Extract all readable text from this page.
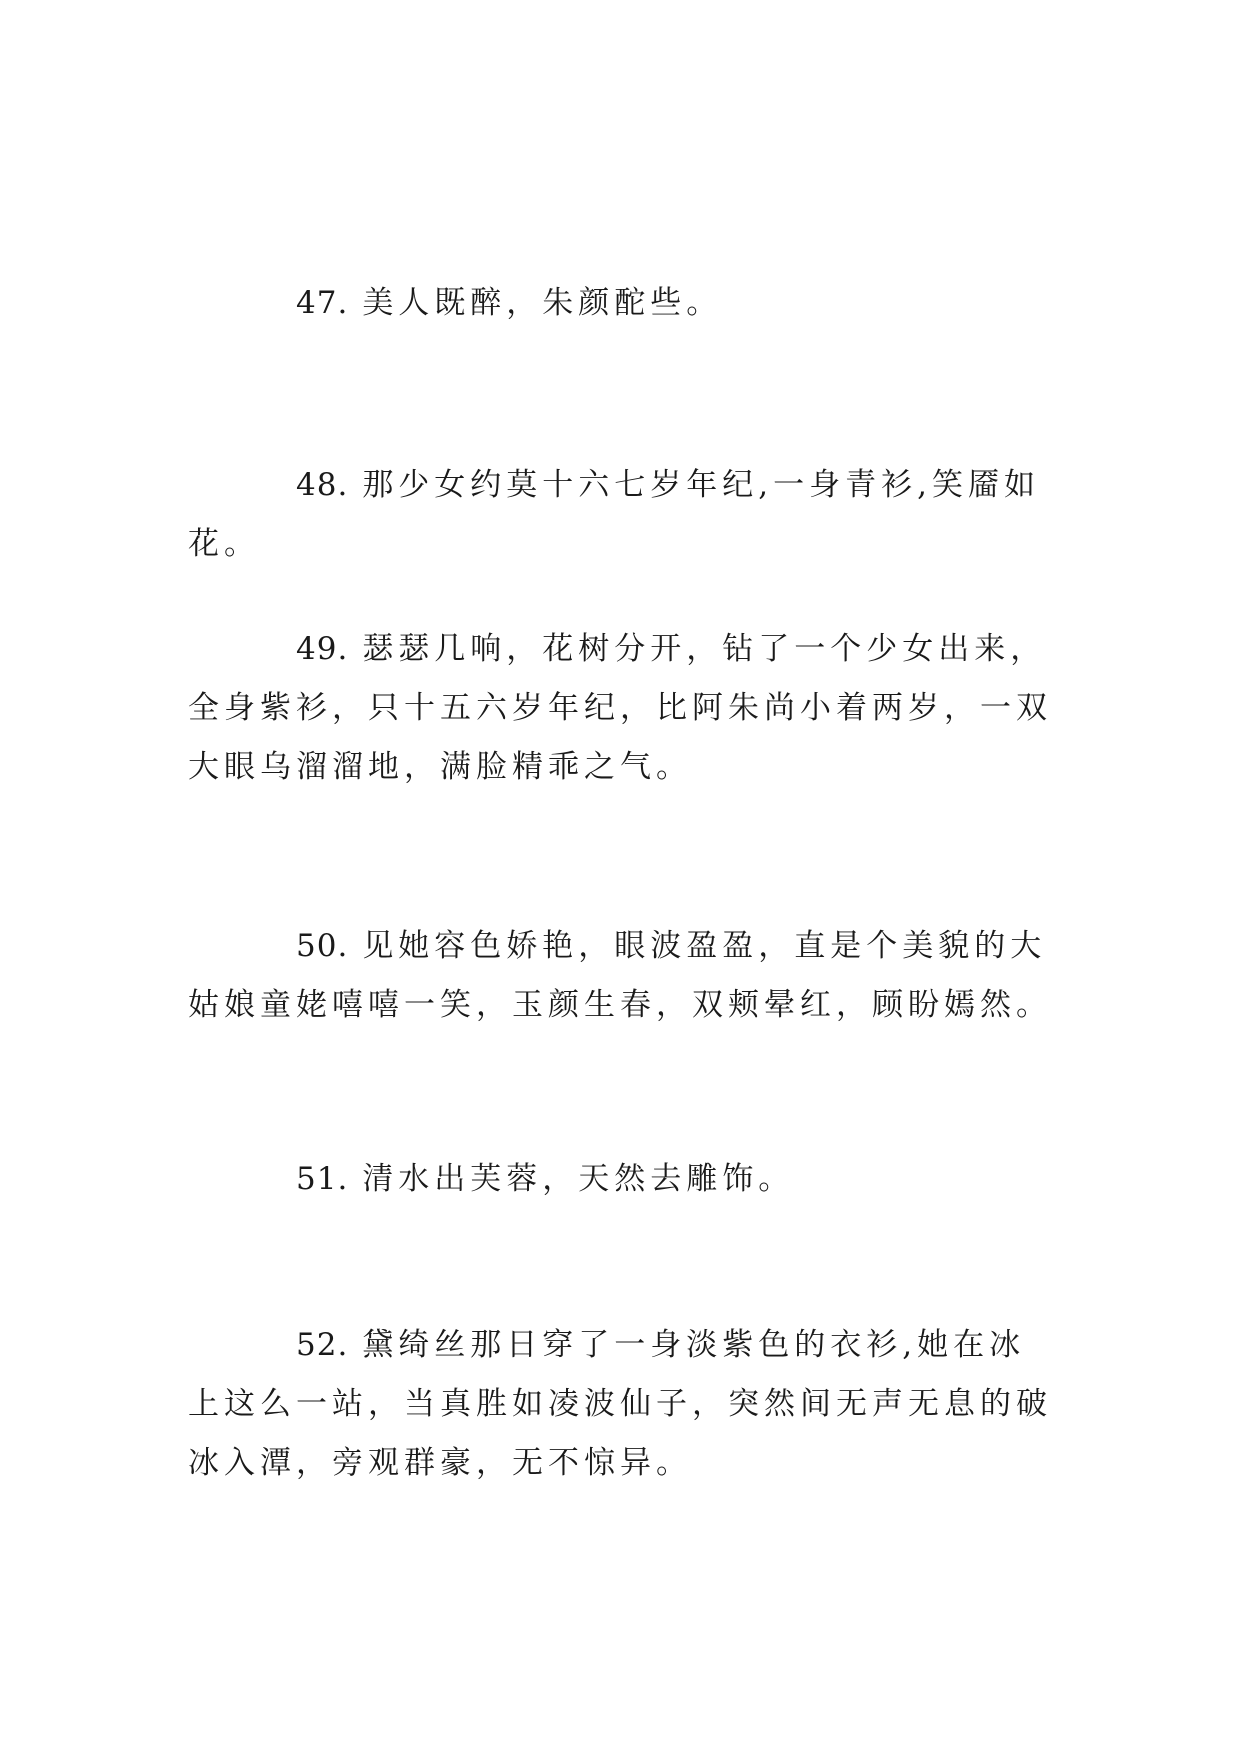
47. 美人既醉，朱颜酡些。

48. 那少女约莫十六七岁年纪,一身青衫,笑靥如花。

49. 瑟瑟几响，花树分开，钻了一个少女出来，全身紫衫，只十五六岁年纪，比阿朱尚小着两岁，一双大眼乌溜溜地，满脸精乖之气。

50. 见她容色娇艳，眼波盈盈，直是个美貌的大姑娘童姥嘻嘻一笑，玉颜生春，双颊晕红，顾盼嫣然。

51. 清水出芙蓉，天然去雕饰。

52. 黛绮丝那日穿了一身淡紫色的衣衫,她在冰上这么一站，当真胜如凌波仙子，突然间无声无息的破冰入潭，旁观群豪，无不惊异。
